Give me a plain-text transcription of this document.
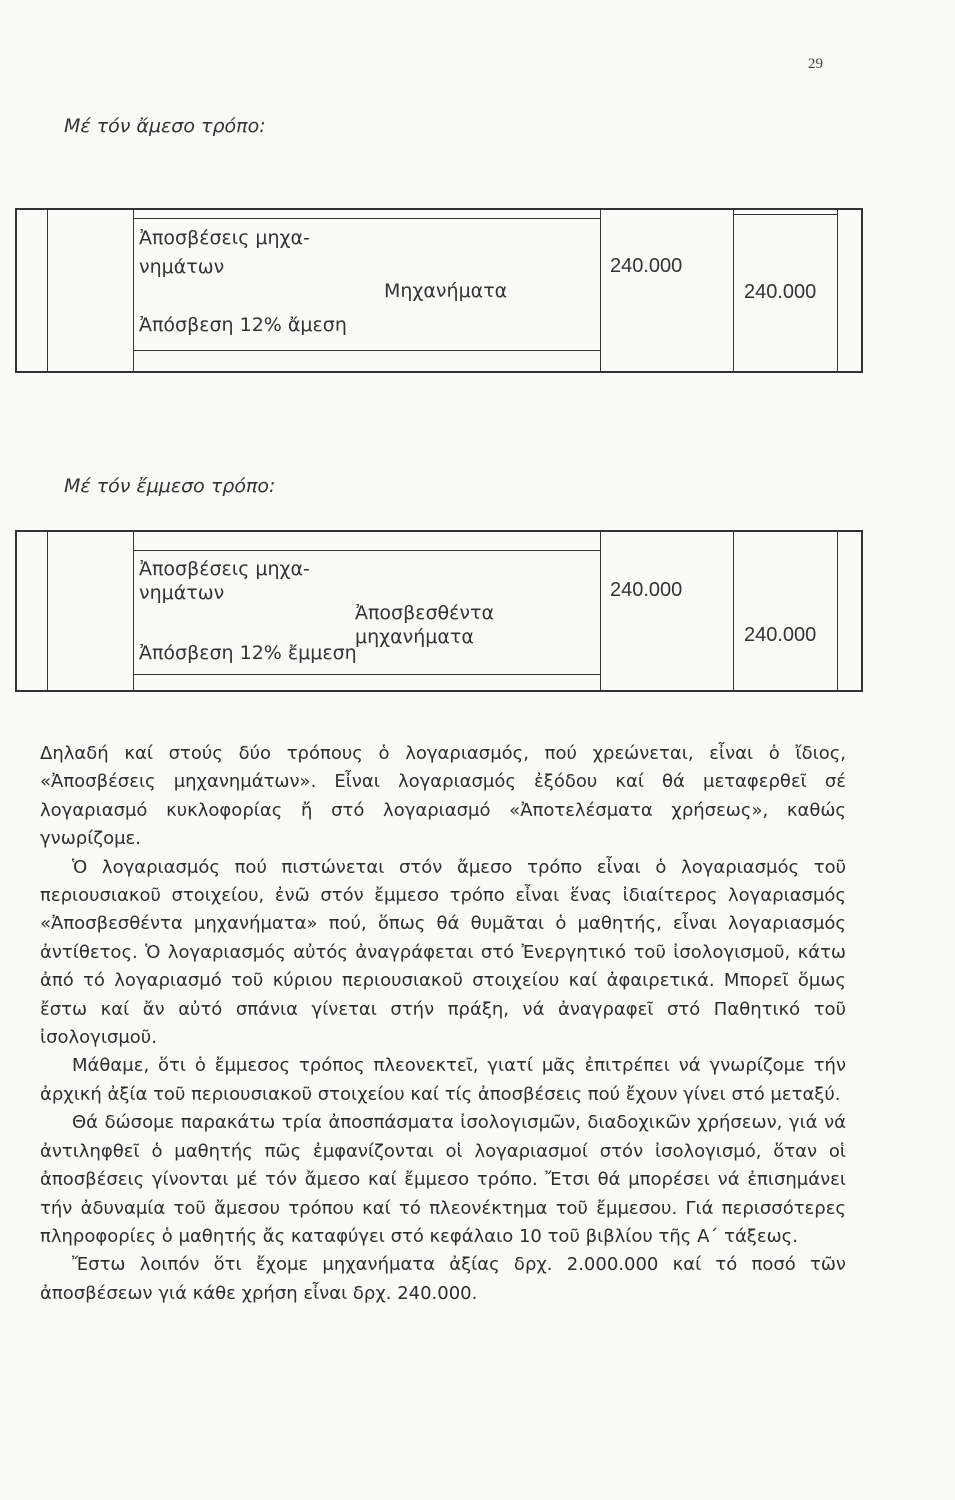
29
Μέ τόν ἄμεσο τρόπο:
Ἀποσβέσεις μηχα-
νημάτων
Μηχανήματα
Ἀπόσβεση 12% ἄμεση
240.000
240.000
Μέ τόν ἔμμεσο τρόπο:
Ἀποσβέσεις μηχα-
νημάτων
Ἀποσβεσθέντα
μηχανήματα
Ἀπόσβεση 12% ἔμμεση
240.000
240.000

Δηλαδή καί στούς δύο τρόπους ὁ λογαριασμός, πού χρεώνεται, εἶναι ὁ ἴδιος, «Ἀποσβέσεις μηχανημάτων». Εἶναι λογαριασμός ἐξόδου καί θά μεταφερθεῖ σέ λογαριασμό κυκλοφορίας ἤ στό λογαριασμό «Ἀποτελέσματα χρήσεως», καθώς γνωρίζομε.

Ὁ λογαριασμός πού πιστώνεται στόν ἄμεσο τρόπο εἶναι ὁ λογαριασμός τοῦ περιουσιακοῦ στοιχείου, ἐνῶ στόν ἔμμεσο τρόπο εἶναι ἕνας ἰδιαίτερος λογαριασμός «Ἀποσβεσθέντα μηχανήματα» πού, ὅπως θά θυμᾶται ὁ μαθητής, εἶναι λογαριασμός ἀντίθετος. Ὁ λογαριασμός αὐτός ἀναγράφεται στό Ἐνεργητικό τοῦ ἰσολογισμοῦ, κάτω ἀπό τό λογαριασμό τοῦ κύριου περιουσιακοῦ στοιχείου καί ἀφαιρετικά. Μπορεῖ ὅμως ἔστω καί ἄν αὐτό σπάνια γίνεται στήν πράξη, νά ἀναγραφεῖ στό Παθητικό τοῦ ἰσολογισμοῦ.

Μάθαμε, ὅτι ὁ ἔμμεσος τρόπος πλεονεκτεῖ, γιατί μᾶς ἐπιτρέπει νά γνωρίζομε τήν ἀρχική ἀξία τοῦ περιουσιακοῦ στοιχείου καί τίς ἀποσβέσεις πού ἔχουν γίνει στό μεταξύ.

Θά δώσομε παρακάτω τρία ἀποσπάσματα ἰσολογισμῶν, διαδοχικῶν χρήσεων, γιά νά ἀντιληφθεῖ ὁ μαθητής πῶς ἐμφανίζονται οἱ λογαριασμοί στόν ἰσολογισμό, ὅταν οἱ ἀποσβέσεις γίνονται μέ τόν ἄμεσο καί ἔμμεσο τρόπο. Ἔτσι θά μπορέσει νά ἐπισημάνει τήν ἀδυναμία τοῦ ἄμεσου τρόπου καί τό πλεονέκτημα τοῦ ἔμμεσου. Γιά περισσότερες πληροφορίες ὁ μαθητής ἄς καταφύγει στό κεφάλαιο 10 τοῦ βιβλίου τῆς Α΄ τάξεως.

Ἔστω λοιπόν ὅτι ἔχομε μηχανήματα ἀξίας δρχ. 2.000.000 καί τό ποσό τῶν ἀποσβέσεων γιά κάθε χρήση εἶναι δρχ. 240.000.
